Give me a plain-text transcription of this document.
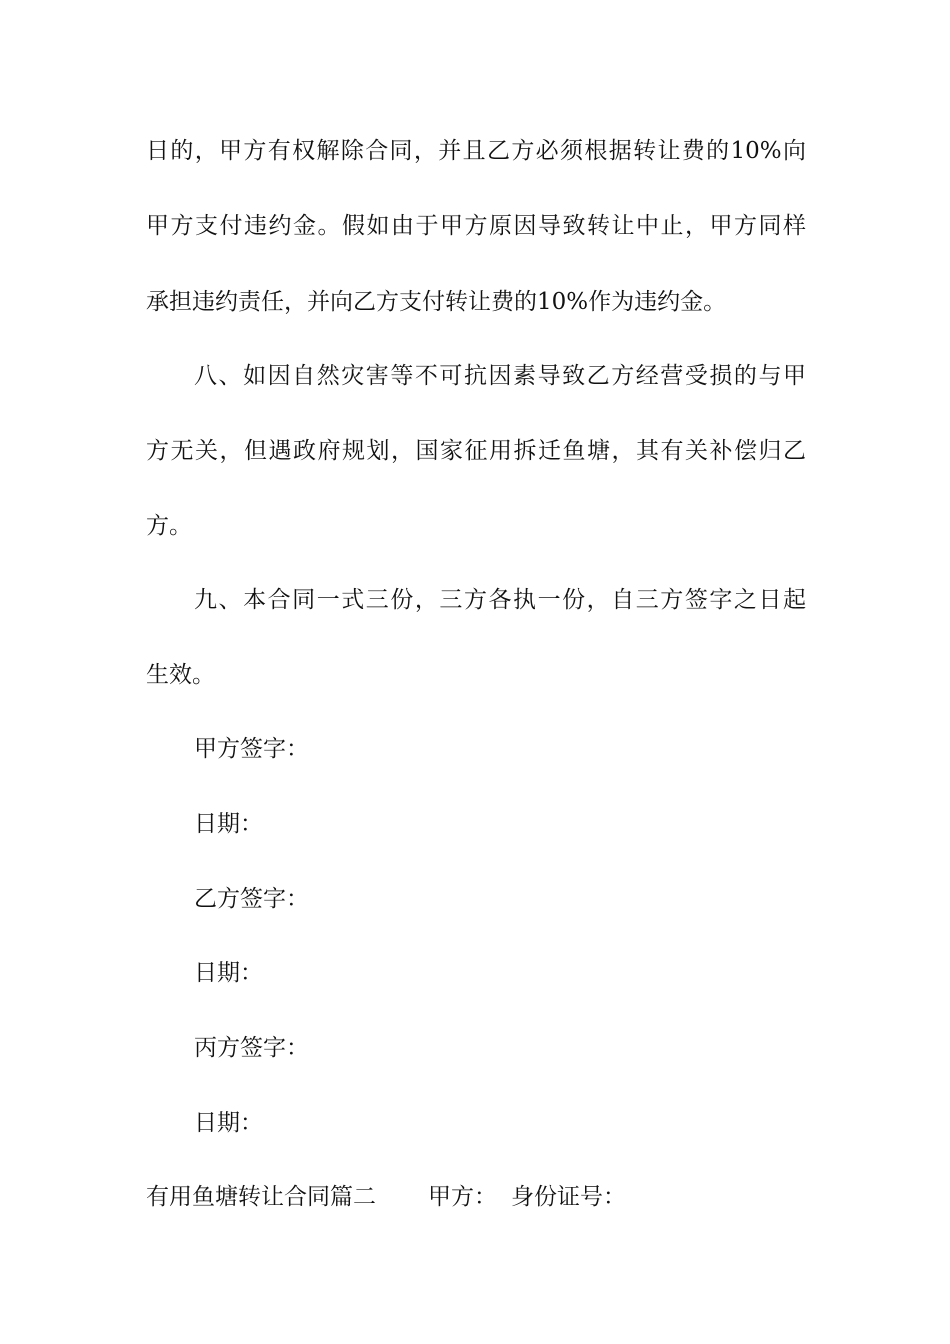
日的，甲方有权解除合同，并且乙方必须根据转让费的10%向
甲方支付违约金。假如由于甲方原因导致转让中止，甲方同样
承担违约责任，并向乙方支付转让费的10%作为违约金。
八、如因自然灾害等不可抗因素导致乙方经营受损的与甲
方无关，但遇政府规划，国家征用拆迁鱼塘，其有关补偿归乙
方。
九、本合同一式三份，三方各执一份，自三方签字之日起
生效。
甲方签字：
日期：
乙方签字：
日期：
丙方签字：
日期：
有用鱼塘转让合同篇二 甲方： 身份证号：
